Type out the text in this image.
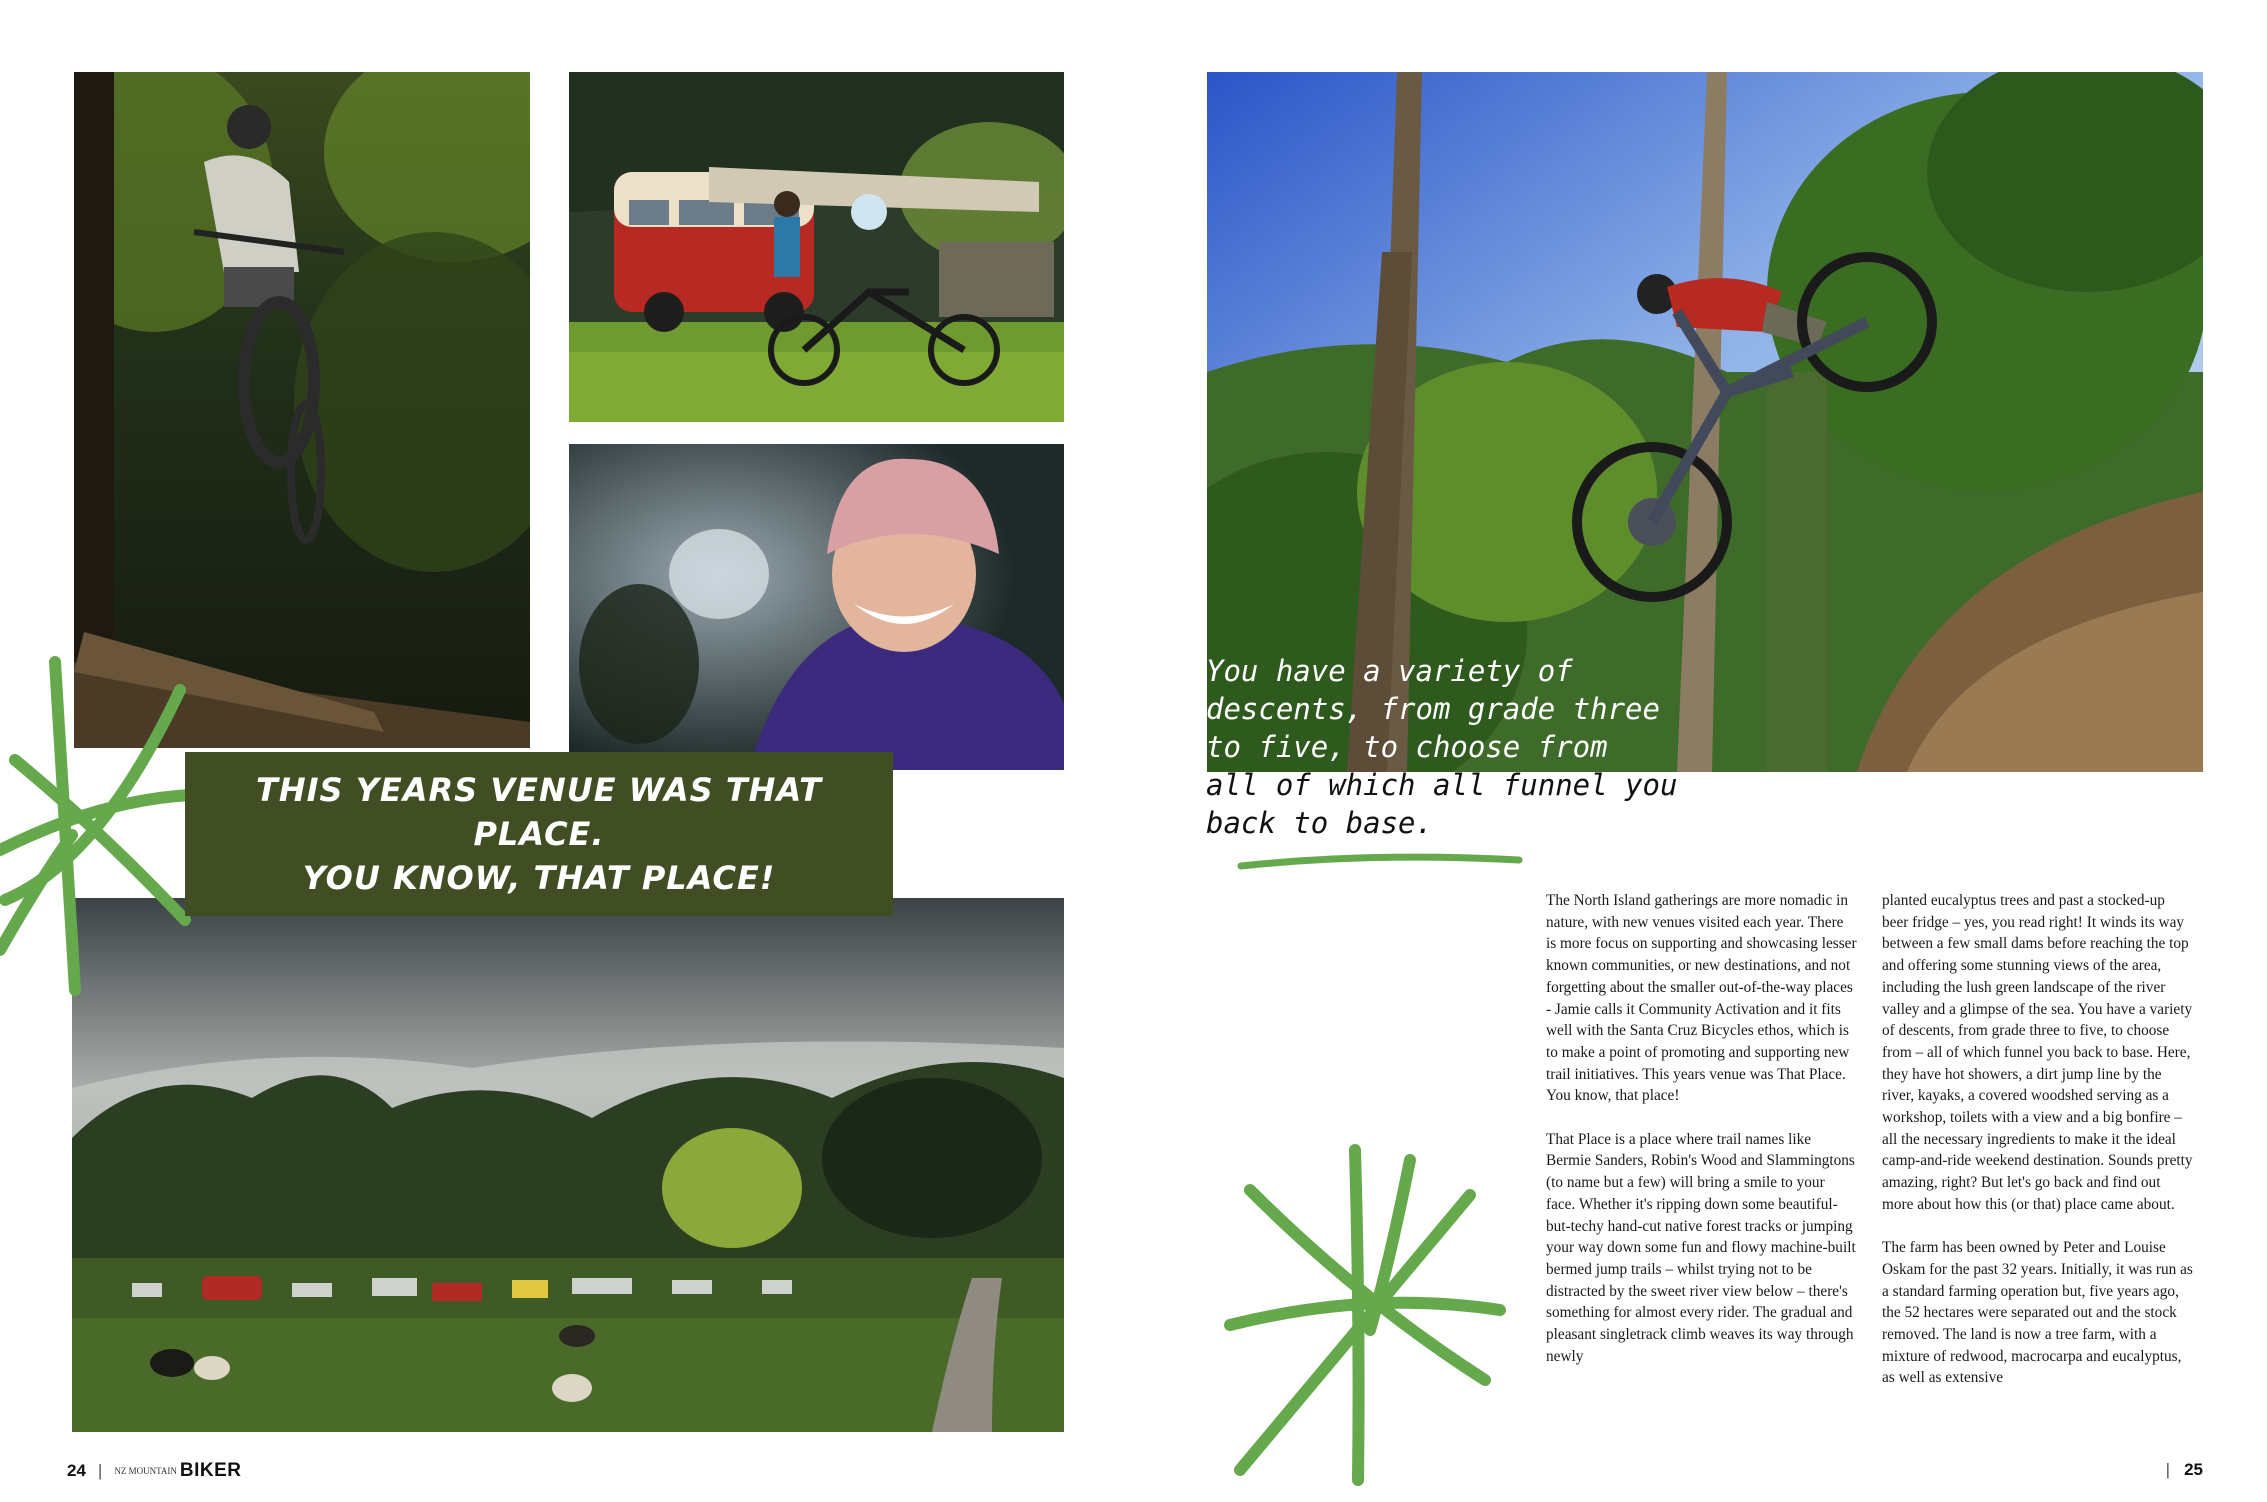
THIS YEARS VENUE WAS THAT PLACE.
YOU KNOW, THAT PLACE!
You have a variety of
descents, from grade three
to five, to choose from
all of which all funnel you
back to base.

The North Island gatherings are more nomadic in nature, with new venues visited each year. There is more focus on supporting and showcasing lesser known communities, or new destinations, and not forgetting about the smaller out-of-the-way places - Jamie calls it Community Activation and it fits well with the Santa Cruz Bicycles ethos, which is to make a point of promoting and supporting new trail initiatives. This years venue was That Place. You know, that place!

That Place is a place where trail names like Bermie Sanders, Robin's Wood and Slammingtons (to name but a few) will bring a smile to your face. Whether it's ripping down some beautiful-but-techy hand-cut native forest tracks or jumping your way down some fun and flowy machine-built bermed jump trails – whilst trying not to be distracted by the sweet river view below – there's something for almost every rider. The gradual and pleasant singletrack climb weaves its way through newly

planted eucalyptus trees and past a stocked-up beer fridge – yes, you read right! It winds its way between a few small dams before reaching the top and offering some stunning views of the area, including the lush green landscape of the river valley and a glimpse of the sea. You have a variety of descents, from grade three to five, to choose from – all of which funnel you back to base. Here, they have hot showers, a dirt jump line by the river, kayaks, a covered woodshed serving as a workshop, toilets with a view and a big bonfire – all the necessary ingredients to make it the ideal camp-and-ride weekend destination. Sounds pretty amazing, right? But let's go back and find out more about how this (or that) place came about.

The farm has been owned by Peter and Louise Oskam for the past 32 years. Initially, it was run as a standard farming operation but, five years ago, the 52 hectares were separated out and the stock removed. The land is now a tree farm, with a mixture of redwood, macrocarpa and eucalyptus, as well as extensive

24 | NZ MOUNTAIN BIKER	| 25
